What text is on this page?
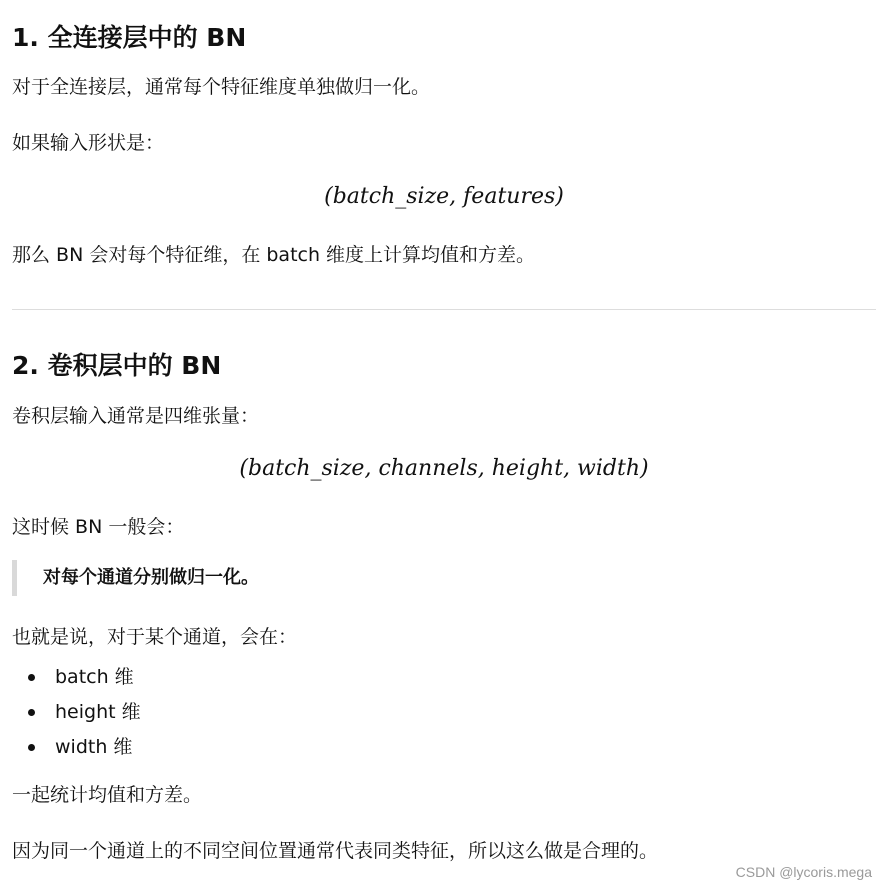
1. 全连接层中的 BN

对于全连接层，通常每个特征维度单独做归一化。

如果输入形状是：

(batch_size, features)

那么 BN 会对每个特征维，在 batch 维度上计算均值和方差。

2. 卷积层中的 BN

卷积层输入通常是四维张量：

(batch_size, channels, height, width)

这时候 BN 一般会：

对每个通道分别做归一化。

也就是说，对于某个通道，会在：

batch 维
height 维
width 维

一起统计均值和方差。

因为同一个通道上的不同空间位置通常代表同类特征，所以这么做是合理的。

CSDN @lycoris.mega
